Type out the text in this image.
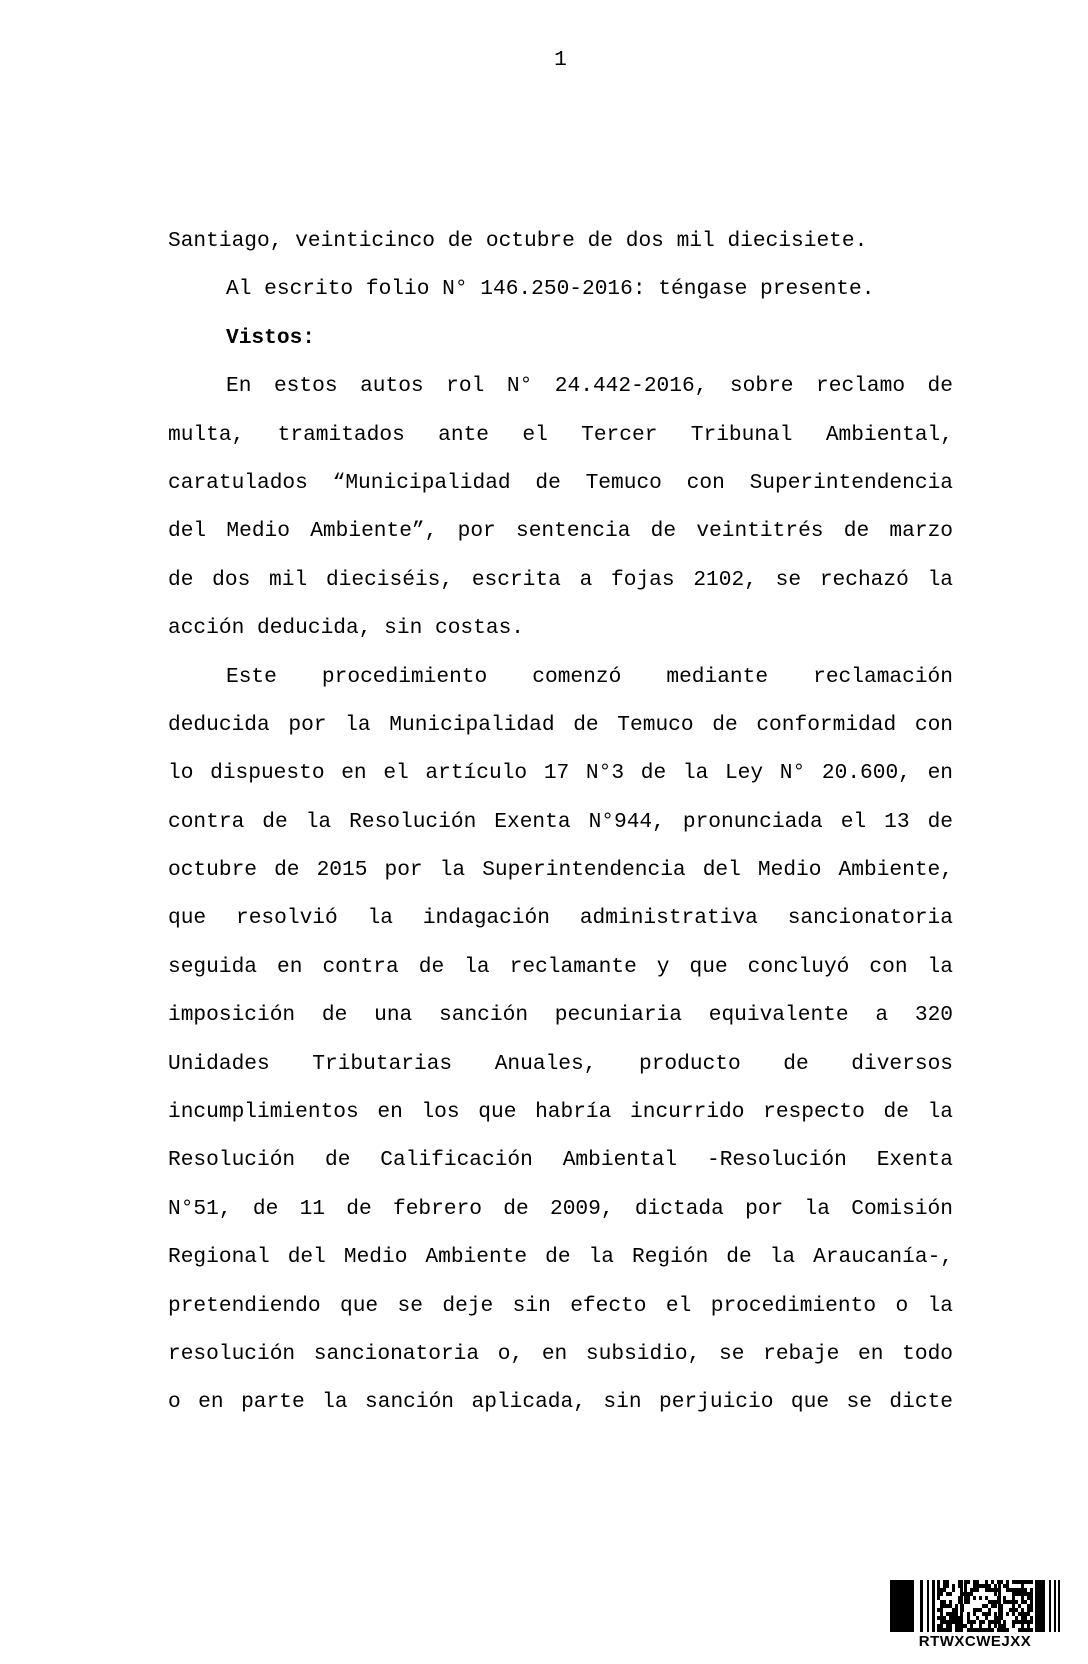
1
Santiago, veinticinco de octubre de dos mil diecisiete.
Al escrito folio N° 146.250-2016: téngase presente.
Vistos:
En estos autos rol N° 24.442-2016, sobre reclamo de
multa, tramitados ante el Tercer Tribunal Ambiental,
caratulados “Municipalidad de Temuco con Superintendencia
del Medio Ambiente”, por sentencia de veintitrés de marzo
de dos mil dieciséis, escrita a fojas 2102, se rechazó la
acción deducida, sin costas.
Este procedimiento comenzó mediante reclamación
deducida por la Municipalidad de Temuco de conformidad con
lo dispuesto en el artículo 17 N°3 de la Ley N° 20.600, en
contra de la Resolución Exenta N°944, pronunciada el 13 de
octubre de 2015 por la Superintendencia del Medio Ambiente,
que resolvió la indagación administrativa sancionatoria
seguida en contra de la reclamante y que concluyó con la
imposición de una sanción pecuniaria equivalente a 320
Unidades Tributarias Anuales, producto de diversos
incumplimientos en los que habría incurrido respecto de la
Resolución de Calificación Ambiental -Resolución Exenta
N°51, de 11 de febrero de 2009, dictada por la Comisión
Regional del Medio Ambiente de la Región de la Araucanía-,
pretendiendo que se deje sin efecto el procedimiento o la
resolución sancionatoria o, en subsidio, se rebaje en todo
o en parte la sanción aplicada, sin perjuicio que se dicte
RTWXCWEJXX
